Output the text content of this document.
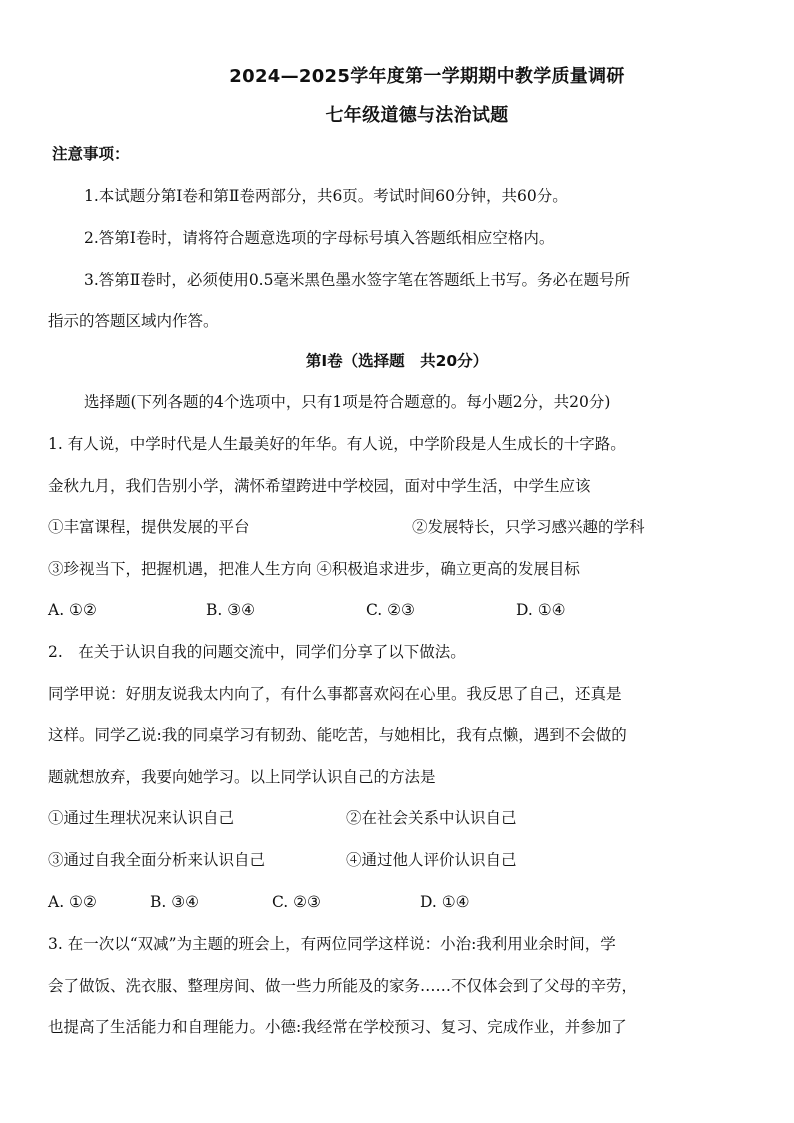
2024—2025学年度第一学期期中教学质量调研
七年级道德与法治试题
注意事项：
1.本试题分第Ⅰ卷和第Ⅱ卷两部分，共6页。考试时间60分钟，共60分。
2.答第Ⅰ卷时，请将符合题意选项的字母标号填入答题纸相应空格内。
3.答第Ⅱ卷时，必须使用0.5毫米黑色墨水签字笔在答题纸上书写。务必在题号所
指示的答题区域内作答。
第Ⅰ卷（选择题　共20分）
选择题(下列各题的4个选项中，只有1项是符合题意的。每小题2分，共20分)
1. 有人说，中学时代是人生最美好的年华。有人说，中学阶段是人生成长的十字路。
金秋九月，我们告别小学，满怀希望跨进中学校园，面对中学生活，中学生应该
①丰富课程，提供发展的平台	②发展特长，只学习感兴趣的学科
③珍视当下，把握机遇，把准人生方向 ④积极追求进步，确立更高的发展目标
A. ①②	B. ③④	C. ②③	D. ①④
2.　在关于认识自我的问题交流中，同学们分享了以下做法。
同学甲说：好朋友说我太内向了，有什么事都喜欢闷在心里。我反思了自己，还真是
这样。同学乙说:我的同桌学习有韧劲、能吃苦，与她相比，我有点懒，遇到不会做的
题就想放弃，我要向她学习。以上同学认识自己的方法是
①通过生理状况来认识自己	②在社会关系中认识自己
③通过自我全面分析来认识自己	④通过他人评价认识自己
A. ①②	B. ③④	C. ②③	D. ①④
3. 在一次以“双减”为主题的班会上，有两位同学这样说：小治:我利用业余时间，学
会了做饭、洗衣服、整理房间、做一些力所能及的家务……不仅体会到了父母的辛劳，
也提高了生活能力和自理能力。小德:我经常在学校预习、复习、完成作业，并参加了
